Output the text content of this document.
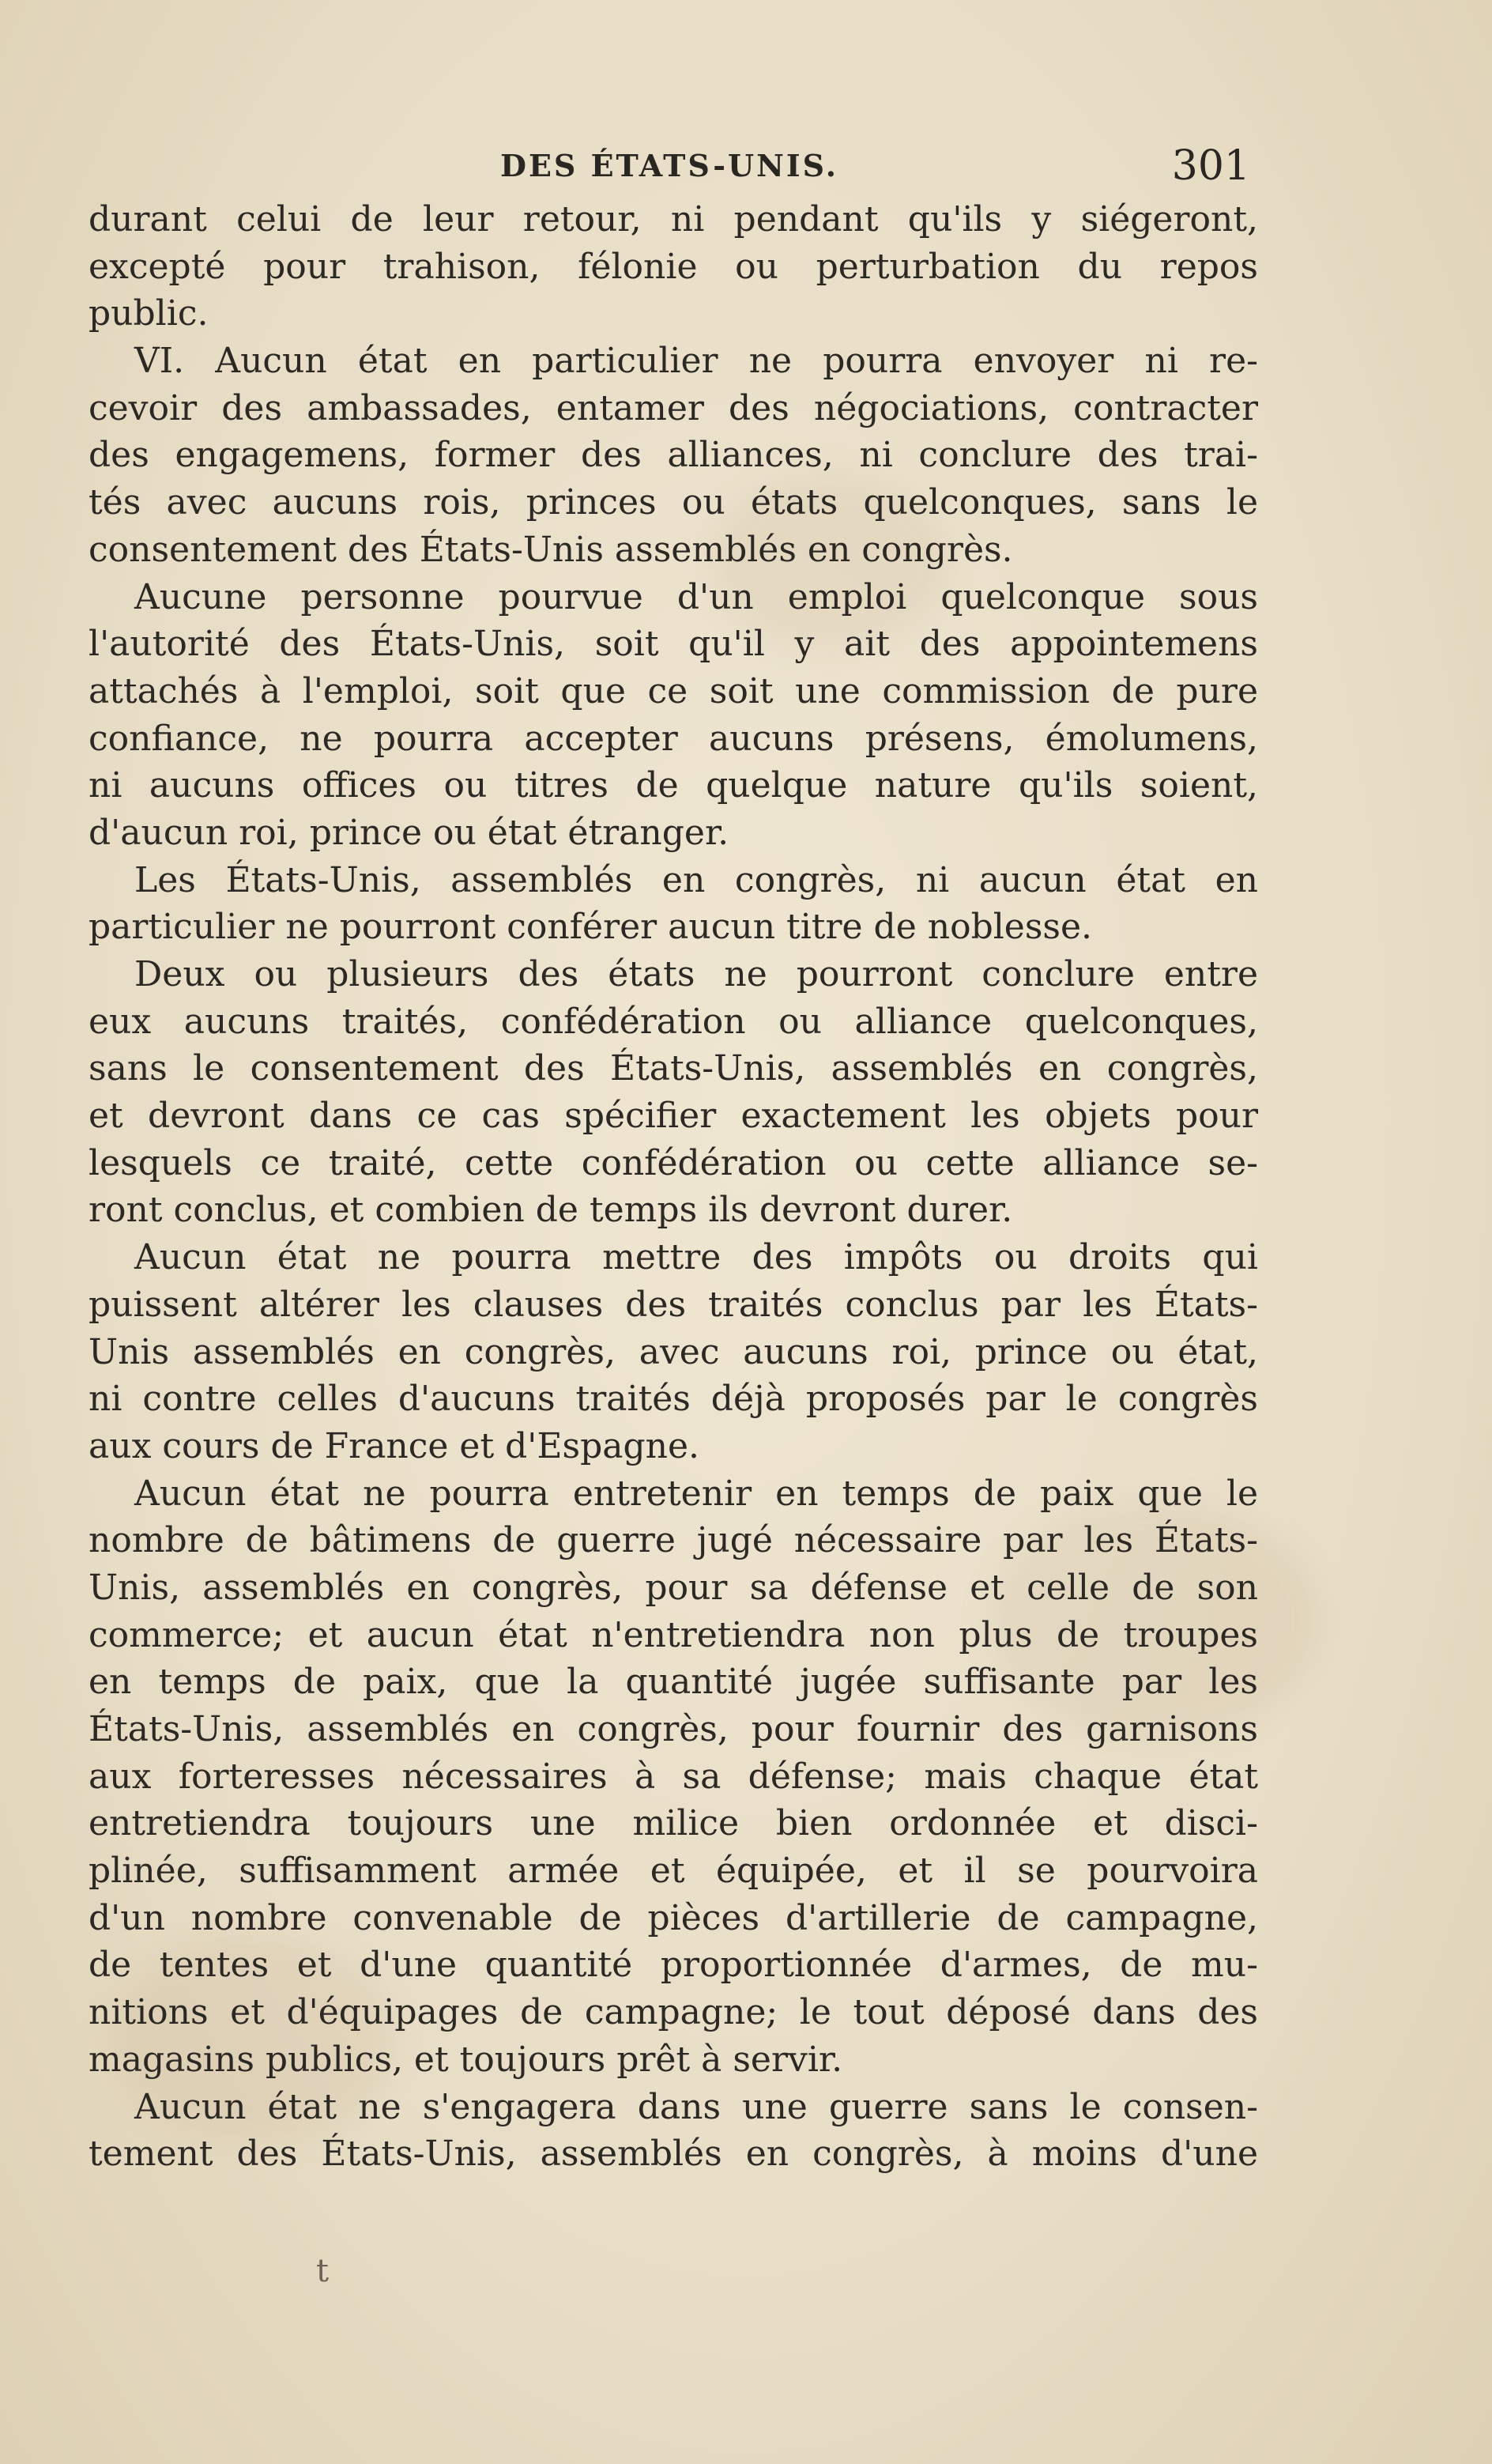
DES ÉTATS-UNIS.	301
durant celui de leur retour, ni pendant qu'ils y siégeront,
excepté pour trahison, félonie ou perturbation du repos
public.
VI. Aucun état en particulier ne pourra envoyer ni re-
cevoir des ambassades, entamer des négociations, contracter
des engagemens, former des alliances, ni conclure des trai-
tés avec aucuns rois, princes ou états quelconques, sans le
consentement des États-Unis assemblés en congrès.
Aucune personne pourvue d'un emploi quelconque sous
l'autorité des États-Unis, soit qu'il y ait des appointemens
attachés à l'emploi, soit que ce soit une commission de pure
confiance, ne pourra accepter aucuns présens, émolumens,
ni aucuns offices ou titres de quelque nature qu'ils soient,
d'aucun roi, prince ou état étranger.
Les États-Unis, assemblés en congrès, ni aucun état en
particulier ne pourront conférer aucun titre de noblesse.
Deux ou plusieurs des états ne pourront conclure entre
eux aucuns traités, confédération ou alliance quelconques,
sans le consentement des États-Unis, assemblés en congrès,
et devront dans ce cas spécifier exactement les objets pour
lesquels ce traité, cette confédération ou cette alliance se-
ront conclus, et combien de temps ils devront durer.
Aucun état ne pourra mettre des impôts ou droits qui
puissent altérer les clauses des traités conclus par les États-
Unis assemblés en congrès, avec aucuns roi, prince ou état,
ni contre celles d'aucuns traités déjà proposés par le congrès
aux cours de France et d'Espagne.
Aucun état ne pourra entretenir en temps de paix que le
nombre de bâtimens de guerre jugé nécessaire par les États-
Unis, assemblés en congrès, pour sa défense et celle de son
commerce; et aucun état n'entretiendra non plus de troupes
en temps de paix, que la quantité jugée suffisante par les
États-Unis, assemblés en congrès, pour fournir des garnisons
aux forteresses nécessaires à sa défense; mais chaque état
entretiendra toujours une milice bien ordonnée et disci-
plinée, suffisamment armée et équipée, et il se pourvoira
d'un nombre convenable de pièces d'artillerie de campagne,
de tentes et d'une quantité proportionnée d'armes, de mu-
nitions et d'équipages de campagne; le tout déposé dans des
magasins publics, et toujours prêt à servir.
Aucun état ne s'engagera dans une guerre sans le consen-
tement des États-Unis, assemblés en congrès, à moins d'une
t
